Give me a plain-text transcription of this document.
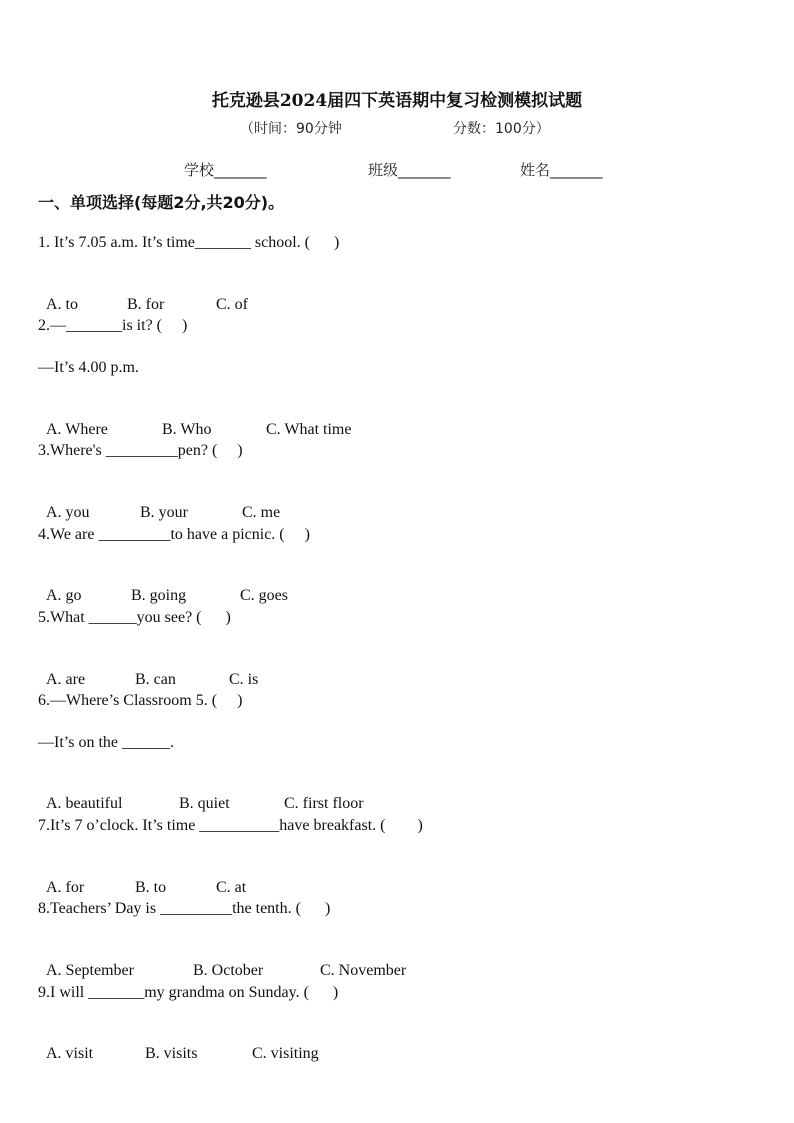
托克逊县2024届四下英语期中复习检测模拟试题
（时间：90分钟	分数：100分）
学校_______	班级_______	姓名_______
一、单项选择(每题2分,共20分)。
1. It’s 7.05 a.m. It’s time_______ school. (      )

A. to	B. for	C. of

2.—_______is it? (     )
—It’s 4.00 p.m.

A. Where	B. Who	C. What time

3.Where's _________pen? (     )

A. you	B. your	C. me

4.We are _________to have a picnic. (     )

A. go	B. going	C. goes

5.What ______you see? (      )

A. are	B. can	C. is

6.—Where’s Classroom 5. (     )
—It’s on the ______.

A. beautiful	B. quiet	C. first floor

7.It’s 7 o’clock. It’s time __________have breakfast. (        )

A. for	B. to	C. at

8.Teachers’ Day is _________the tenth. (      )

A. September	B. October	C. November

9.I will _______my grandma on Sunday. (      )

A. visit	B. visits	C. visiting
